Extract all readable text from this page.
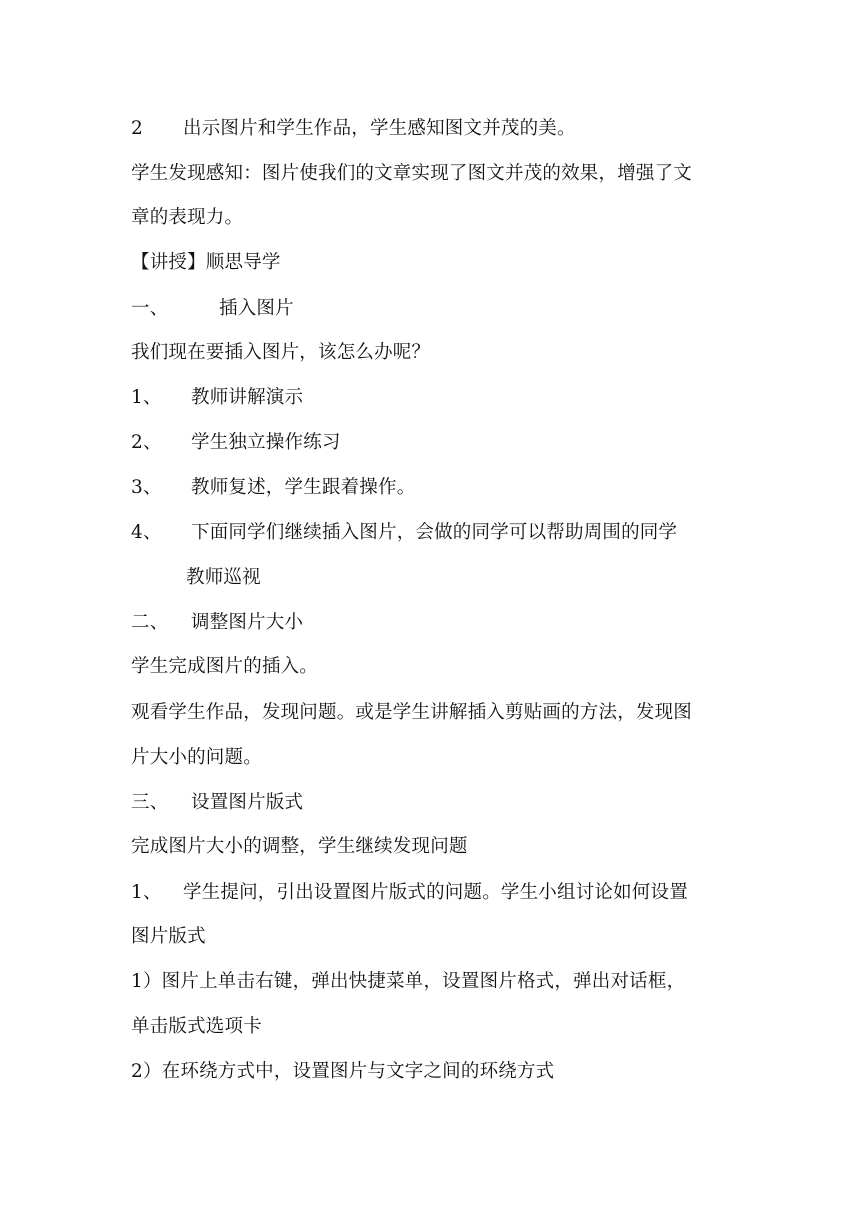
2 出示图片和学生作品，学生感知图文并茂的美。
学生发现感知：图片使我们的文章实现了图文并茂的效果，增强了文
章的表现力。
【讲授】顺思导学
一、	插入图片
我们现在要插入图片，该怎么办呢？
1、 教师讲解演示
2、 学生独立操作练习
3、 教师复述，学生跟着操作。
4、 下面同学们继续插入图片，会做的同学可以帮助周围的同学
教师巡视
二、 调整图片大小
学生完成图片的插入。
观看学生作品，发现问题。或是学生讲解插入剪贴画的方法，发现图
片大小的问题。
三、 设置图片版式
完成图片大小的调整，学生继续发现问题
1、 学生提问，引出设置图片版式的问题。学生小组讨论如何设置
图片版式
1）图片上单击右键，弹出快捷菜单，设置图片格式，弹出对话框，
单击版式选项卡
2）在环绕方式中，设置图片与文字之间的环绕方式
